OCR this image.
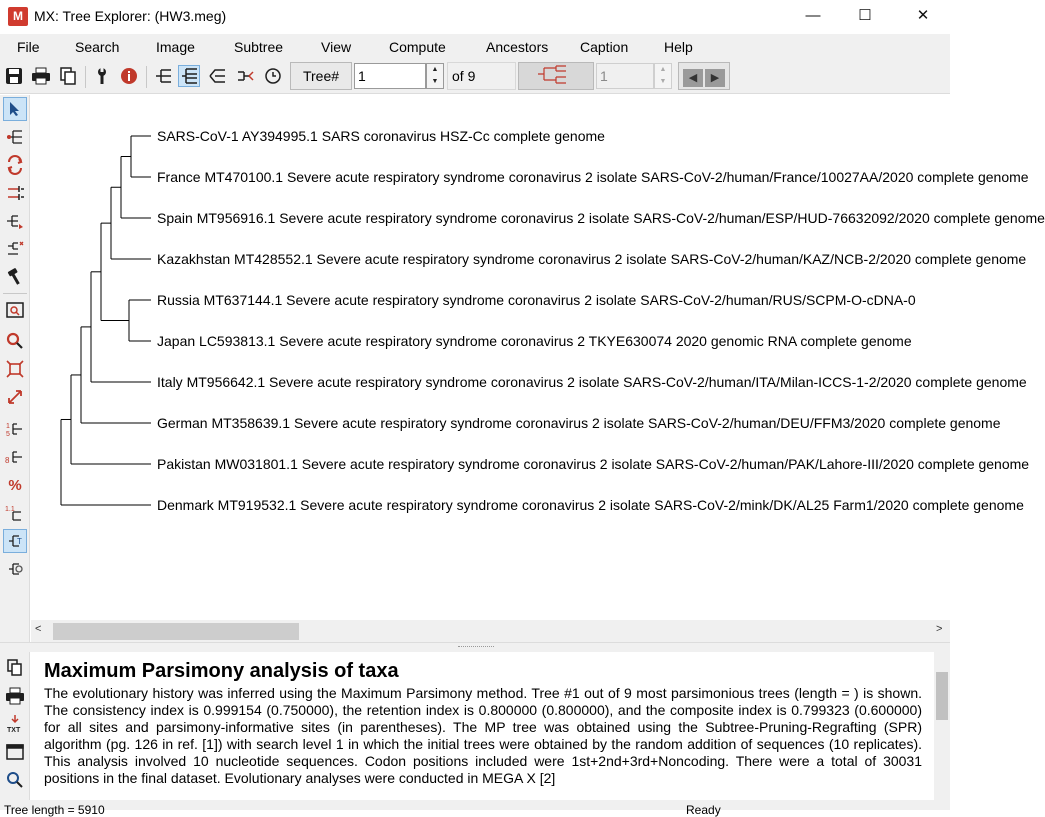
M MX: Tree Explorer: (HW3.meg)	—	☐	✕
File	Search	Image	Subtree	View	Compute	Ancestors Caption	Help
Tree#	1	▲
▼ of 9	1	▲
▼	◀ ▶
1
5
8
%
1.1
T
SARS-CoV-1 AY394995.1 SARS coronavirus HSZ-Cc complete genome
France MT470100.1 Severe acute respiratory syndrome coronavirus 2 isolate SARS-CoV-2/human/France/10027AA/2020 complete genome
Spain MT956916.1 Severe acute respiratory syndrome coronavirus 2 isolate SARS-CoV-2/human/ESP/HUD-76632092/2020 complete genome
Kazakhstan MT428552.1 Severe acute respiratory syndrome coronavirus 2 isolate SARS-CoV-2/human/KAZ/NCB-2/2020 complete genome
Russia MT637144.1 Severe acute respiratory syndrome coronavirus 2 isolate SARS-CoV-2/human/RUS/SCPM-O-cDNA-0
Japan LC593813.1 Severe acute respiratory syndrome coronavirus 2 TKYE630074 2020 genomic RNA complete genome
Italy MT956642.1 Severe acute respiratory syndrome coronavirus 2 isolate SARS-CoV-2/human/ITA/Milan-ICCS-1-2/2020 complete genome
German MT358639.1 Severe acute respiratory syndrome coronavirus 2 isolate SARS-CoV-2/human/DEU/FFM3/2020 complete genome
Pakistan MW031801.1 Severe acute respiratory syndrome coronavirus 2 isolate SARS-CoV-2/human/PAK/Lahore-III/2020 complete genome
Denmark MT919532.1 Severe acute respiratory syndrome coronavirus 2 isolate SARS-CoV-2/mink/DK/AL25 Farm1/2020 complete genome
<	>
TXT
Maximum Parsimony analysis of taxa
The evolutionary history was inferred using the Maximum Parsimony method. Tree #1 out of 9 most parsimonious trees (length = ) is shown. The consistency index is 0.999154 (0.750000), the retention index is 0.800000 (0.800000), and the composite index is 0.799323 (0.600000) for all sites and parsimony-informative sites (in parentheses). The MP tree was obtained using the Subtree-Pruning-Regrafting (SPR) algorithm (pg. 126 in ref. [1]) with search level 1 in which the initial trees were obtained by the random addition of sequences (10 replicates). This analysis involved 10 nucleotide sequences. Codon positions included were 1st+2nd+3rd+Noncoding. There were a total of 30031 positions in the final dataset. Evolutionary analyses were conducted in MEGA X [2]
Tree length = 5910	Ready
